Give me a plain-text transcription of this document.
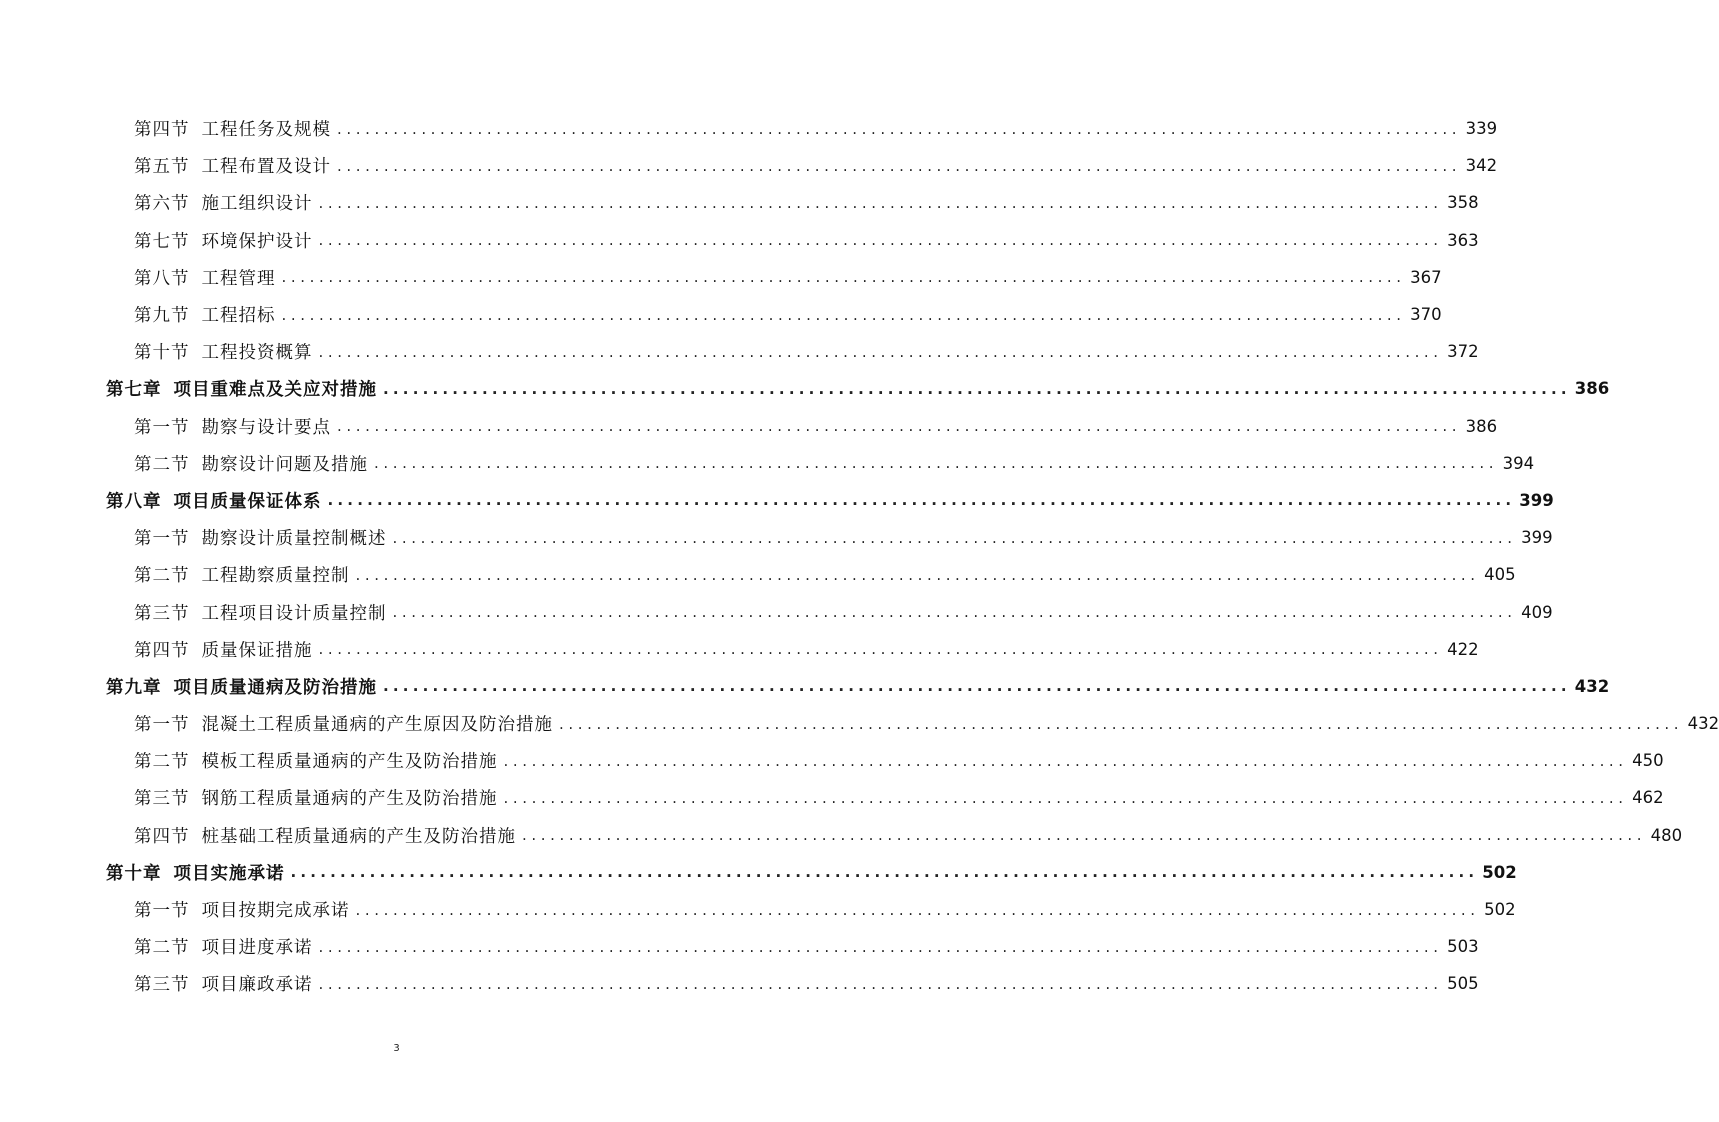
第四节 工程任务及规模 ........................................................................................................................ 339
第五节 工程布置及设计 ........................................................................................................................ 342
第六节 施工组织设计 ........................................................................................................................ 358
第七节 环境保护设计 ........................................................................................................................ 363
第八节 工程管理 ........................................................................................................................ 367
第九节 工程招标 ........................................................................................................................ 370
第十节 工程投资概算 ........................................................................................................................ 372
第七章 项目重难点及关应对措施 ........................................................................................................................ 386
第一节 勘察与设计要点 ........................................................................................................................ 386
第二节 勘察设计问题及措施 ........................................................................................................................ 394
第八章 项目质量保证体系 ........................................................................................................................ 399
第一节 勘察设计质量控制概述 ........................................................................................................................ 399
第二节 工程勘察质量控制 ........................................................................................................................ 405
第三节 工程项目设计质量控制 ........................................................................................................................ 409
第四节 质量保证措施 ........................................................................................................................ 422
第九章 项目质量通病及防治措施 ........................................................................................................................ 432
第一节 混凝土工程质量通病的产生原因及防治措施 ........................................................................................................................ 432
第二节 模板工程质量通病的产生及防治措施 ........................................................................................................................ 450
第三节 钢筋工程质量通病的产生及防治措施 ........................................................................................................................ 462
第四节 桩基础工程质量通病的产生及防治措施 ........................................................................................................................ 480
第十章 项目实施承诺 ........................................................................................................................ 502
第一节 项目按期完成承诺 ........................................................................................................................ 502
第二节 项目进度承诺 ........................................................................................................................ 503
第三节 项目廉政承诺 ........................................................................................................................ 505
3
